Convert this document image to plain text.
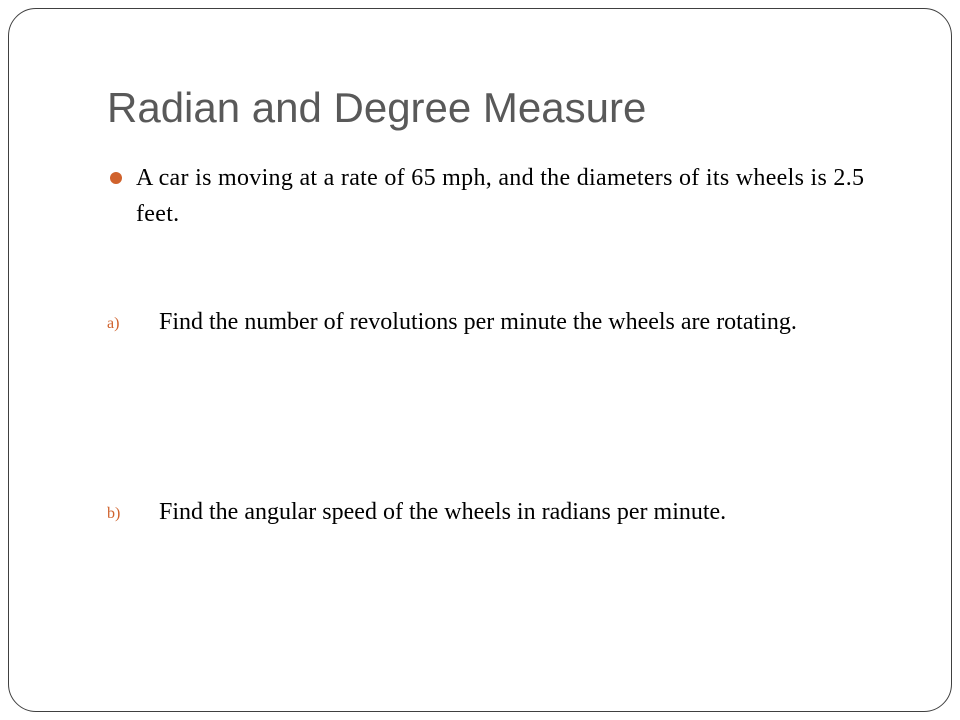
Radian and Degree Measure
A car is moving at a rate of 65 mph, and the diameters of its wheels is 2.5 feet.
a)	Find the number of revolutions per minute the wheels are rotating.
b)	Find the angular speed of the wheels in radians per minute.
